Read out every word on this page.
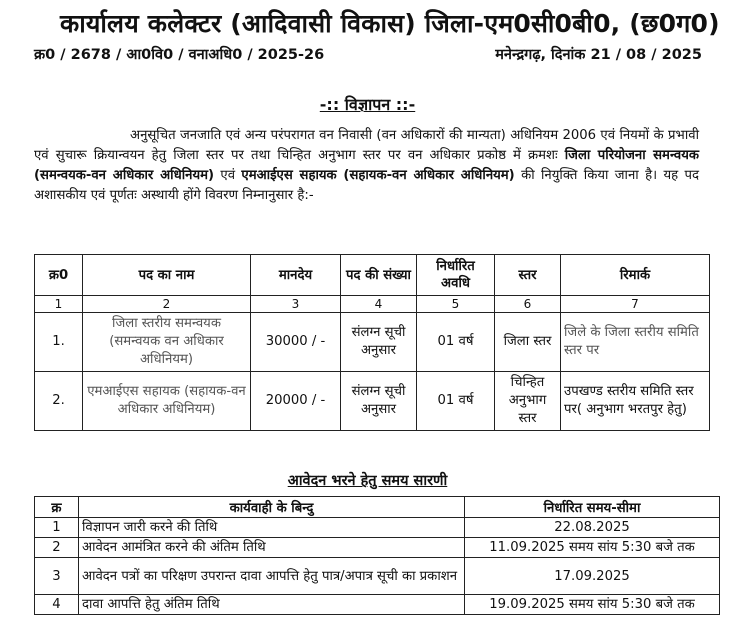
कार्यालय कलेक्टर (आदिवासी विकास) जिला-एम0सी0बी0, (छ0ग0)
क्र0 / 2678 / आ0वि0 / वनाअधि0 / 2025-26	मनेन्द्रगढ़, दिनांक 21 / 08 / 2025
-:: विज्ञापन ::-
अनुसूचित जनजाति एवं अन्य परंपरागत वन निवासी (वन अधिकारों की मान्यता) अधिनियम 2006 एवं नियमों के प्रभावी एवं सुचारू क्रियान्वयन हेतु जिला स्तर पर तथा चिन्हित अनुभाग स्तर पर वन अधिकार प्रकोष्ठ में क्रमशः जिला परियोजना समन्वयक (समन्वयक-वन अधिकार अधिनियम) एवं एमआईएस सहायक (सहायक-वन अधिकार अधिनियम) की नियुक्ति किया जाना है। यह पद अशासकीय एवं पूर्णतः अस्थायी होंगे विवरण निम्नानुसार है:-
क्र0	पद का नाम	मानदेय	पद की संख्या	निर्धारित अवधि	स्तर	रिमार्क
1	2	3	4	5	6	7
1.	जिला स्तरीय समन्वयक (समन्वयक वन अधिकार अधिनियम)	30000 / -	संलग्न सूची अनुसार	01 वर्ष	जिला स्तर	जिले के जिला स्तरीय समिति स्तर पर
2.	एमआईएस सहायक (सहायक-वन अधिकार अधिनियम)	20000 / -	संलग्न सूची अनुसार	01 वर्ष	चिन्हित अनुभाग स्तर	उपखण्ड स्तरीय समिति स्तर पर( अनुभाग भरतपुर हेतु)
आवेदन भरने हेतु समय सारणी
क्र	कार्यवाही के बिन्दु	निर्धारित समय-सीमा
1	विज्ञापन जारी करने की तिथि	22.08.2025
2	आवेदन आमंत्रित करने की अंतिम तिथि	11.09.2025 समय सांय 5:30 बजे तक
3	आवेदन पत्रों का परिक्षण उपरान्त दावा आपत्ति हेतु पात्र/अपात्र सूची का प्रकाशन	17.09.2025
4	दावा आपत्ति हेतु अंतिम तिथि	19.09.2025 समय सांय 5:30 बजे तक
